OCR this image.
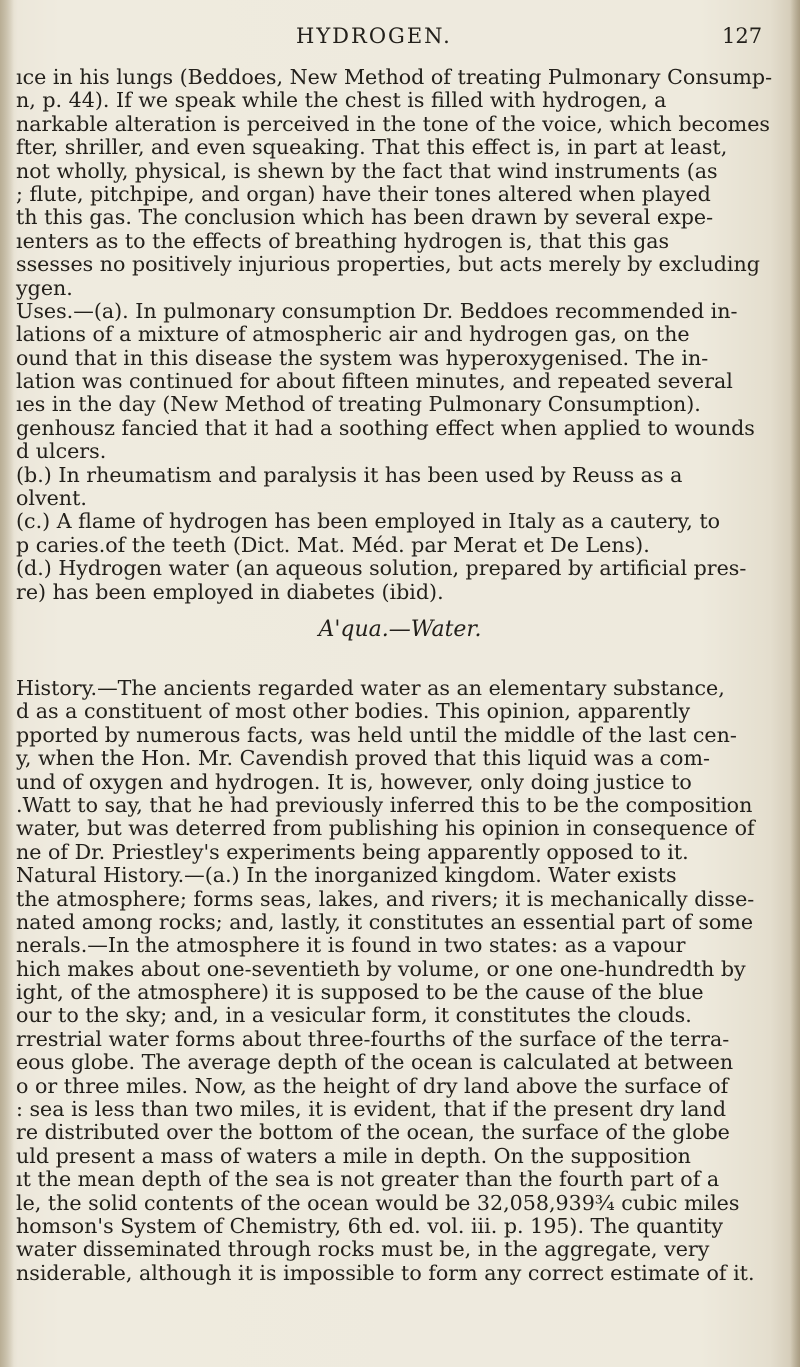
HYDROGEN.	127
ıce in his lungs (Beddoes, New Method of treating Pulmonary Consump-
n, p. 44). If we speak while the chest is filled with hydrogen, a
narkable alteration is perceived in the tone of the voice, which becomes
fter, shriller, and even squeaking. That this effect is, in part at least,
not wholly, physical, is shewn by the fact that wind instruments (as
; flute, pitchpipe, and organ) have their tones altered when played
th this gas. The conclusion which has been drawn by several expe-
ıenters as to the effects of breathing hydrogen is, that this gas
ssesses no positively injurious properties, but acts merely by excluding
ygen.
Uses.—(a). In pulmonary consumption Dr. Beddoes recommended in-
lations of a mixture of atmospheric air and hydrogen gas, on the
ound that in this disease the system was hyperoxygenised. The in-
lation was continued for about fifteen minutes, and repeated several
ıes in the day (New Method of treating Pulmonary Consumption).
genhousz fancied that it had a soothing effect when applied to wounds
d ulcers.
(b.) In rheumatism and paralysis it has been used by Reuss as a
olvent.
(c.) A flame of hydrogen has been employed in Italy as a cautery, to
p caries.of the teeth (Dict. Mat. Méd. par Merat et De Lens).
(d.) Hydrogen water (an aqueous solution, prepared by artificial pres-
re) has been employed in diabetes (ibid).
A'qua.—Water.
History.—The ancients regarded water as an elementary substance,
d as a constituent of most other bodies. This opinion, apparently
pported by numerous facts, was held until the middle of the last cen-
y, when the Hon. Mr. Cavendish proved that this liquid was a com-
und of oxygen and hydrogen. It is, however, only doing justice to
.Watt to say, that he had previously inferred this to be the composition
water, but was deterred from publishing his opinion in consequence of
ne of Dr. Priestley's experiments being apparently opposed to it.
Natural History.—(a.) In the inorganized kingdom. Water exists
the atmosphere; forms seas, lakes, and rivers; it is mechanically disse-
nated among rocks; and, lastly, it constitutes an essential part of some
nerals.—In the atmosphere it is found in two states: as a vapour
hich makes about one-seventieth by volume, or one one-hundredth by
ight, of the atmosphere) it is supposed to be the cause of the blue
our to the sky; and, in a vesicular form, it constitutes the clouds.
rrestrial water forms about three-fourths of the surface of the terra-
eous globe. The average depth of the ocean is calculated at between
o or three miles. Now, as the height of dry land above the surface of
: sea is less than two miles, it is evident, that if the present dry land
re distributed over the bottom of the ocean, the surface of the globe
uld present a mass of waters a mile in depth. On the supposition
ıt the mean depth of the sea is not greater than the fourth part of a
le, the solid contents of the ocean would be 32,058,939¾ cubic miles
homson's System of Chemistry, 6th ed. vol. iii. p. 195). The quantity
water disseminated through rocks must be, in the aggregate, very
nsiderable, although it is impossible to form any correct estimate of it.
